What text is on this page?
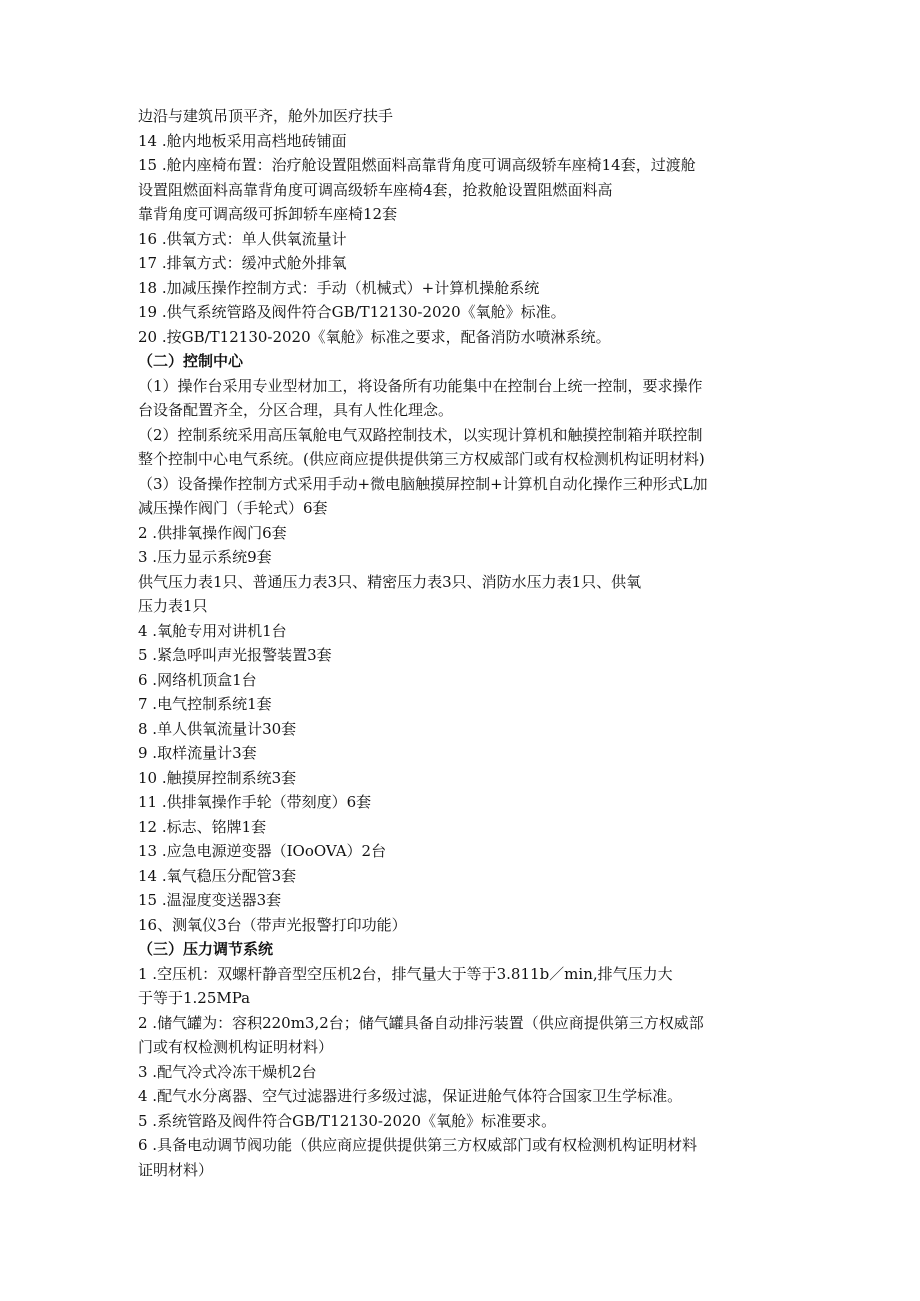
边沿与建筑吊顶平齐，舱外加医疗扶手
14 .舱内地板采用高档地砖铺面
15 .舱内座椅布置：治疗舱设置阻燃面料高靠背角度可调高级轿车座椅14套，过渡舱
设置阻燃面料高靠背角度可调高级轿车座椅4套，抢救舱设置阻燃面料高
靠背角度可调高级可拆卸轿车座椅12套
16 .供氧方式：单人供氧流量计
17 .排氧方式：缓冲式舱外排氧
18 .加减压操作控制方式：手动（机械式）+计算机操舱系统
19 .供气系统管路及阀件符合GB/T12130-2020《氧舱》标准。
20 .按GB/T12130-2020《氧舱》标准之要求，配备消防水喷淋系统。
（二）控制中心
（1）操作台采用专业型材加工，将设备所有功能集中在控制台上统一控制，要求操作
台设备配置齐全，分区合理，具有人性化理念。
（2）控制系统采用高压氧舱电气双路控制技术，以实现计算机和触摸控制箱并联控制
整个控制中心电气系统。(供应商应提供提供第三方权威部门或有权检测机构证明材料)
（3）设备操作控制方式采用手动+微电脑触摸屏控制+计算机自动化操作三种形式L加
减压操作阀门（手轮式）6套
2 .供排氧操作阀门6套
3 .压力显示系统9套
供气压力表1只、普通压力表3只、精密压力表3只、消防水压力表1只、供氧
压力表1只
4 .氧舱专用对讲机1台
5 .紧急呼叫声光报警装置3套
6 .网络机顶盒1台
7 .电气控制系统1套
8 .单人供氧流量计30套
9 .取样流量计3套
10 .触摸屏控制系统3套
11 .供排氧操作手轮（带刻度）6套
12 .标志、铭牌1套
13 .应急电源逆变器（IOoOVA）2台
14 .氧气稳压分配管3套
15 .温湿度变送器3套
16、测氧仪3台（带声光报警打印功能）
（三）压力调节系统
1 .空压机：双螺杆静音型空压机2台，排气量大于等于3.811b／min,排气压力大
于等于1.25MPa
2 .储气罐为：容积220m3,2台；储气罐具备自动排污装置（供应商提供第三方权威部
门或有权检测机构证明材料）
3 .配气冷式冷冻干燥机2台
4 .配气水分离器、空气过滤器进行多级过滤，保证进舱气体符合国家卫生学标准。
5 .系统管路及阀件符合GB/T12130-2020《氧舱》标准要求。
6 .具备电动调节阀功能（供应商应提供提供第三方权威部门或有权检测机构证明材料
证明材料）
